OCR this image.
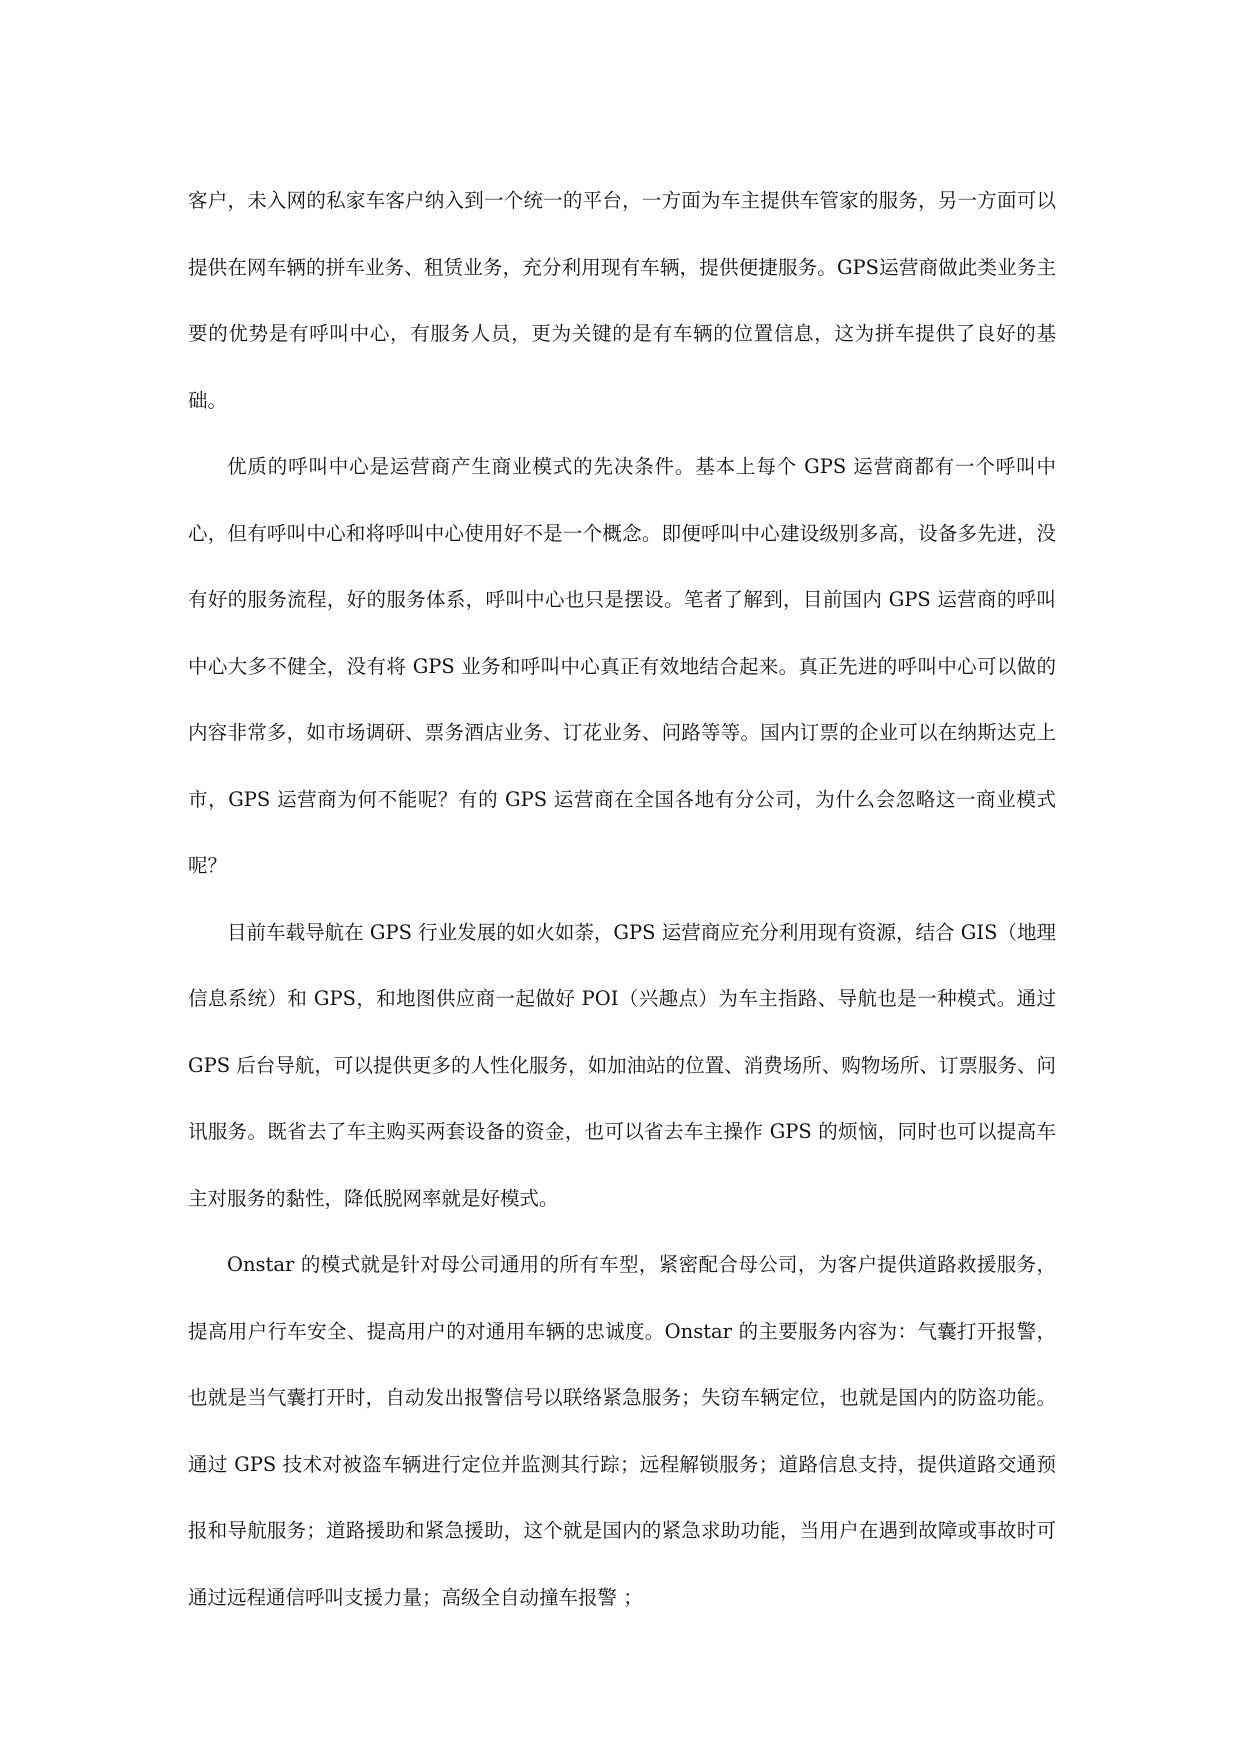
客户，未入网的私家车客户纳入到一个统一的平台，一方面为车主提供车管家的服务，另一方面可以提供在网车辆的拼车业务、租赁业务，充分利用现有车辆，提供便捷服务。GPS运营商做此类业务主要的优势是有呼叫中心，有服务人员，更为关键的是有车辆的位置信息，这为拼车提供了良好的基础。

优质的呼叫中心是运营商产生商业模式的先决条件。基本上每个 GPS 运营商都有一个呼叫中心，但有呼叫中心和将呼叫中心使用好不是一个概念。即便呼叫中心建设级别多高，设备多先进，没有好的服务流程，好的服务体系，呼叫中心也只是摆设。笔者了解到，目前国内 GPS 运营商的呼叫中心大多不健全，没有将 GPS 业务和呼叫中心真正有效地结合起来。真正先进的呼叫中心可以做的内容非常多，如市场调研、票务酒店业务、订花业务、问路等等。国内订票的企业可以在纳斯达克上市，GPS 运营商为何不能呢？有的 GPS 运营商在全国各地有分公司，为什么会忽略这一商业模式呢？

目前车载导航在 GPS 行业发展的如火如荼，GPS 运营商应充分利用现有资源，结合 GIS（地理信息系统）和 GPS，和地图供应商一起做好 POI（兴趣点）为车主指路、导航也是一种模式。通过 GPS 后台导航，可以提供更多的人性化服务，如加油站的位置、消费场所、购物场所、订票服务、问讯服务。既省去了车主购买两套设备的资金，也可以省去车主操作 GPS 的烦恼，同时也可以提高车主对服务的黏性，降低脱网率就是好模式。

Onstar 的模式就是针对母公司通用的所有车型，紧密配合母公司，为客户提供道路救援服务，提高用户行车安全、提高用户的对通用车辆的忠诚度。Onstar 的主要服务内容为：气囊打开报警，也就是当气囊打开时，自动发出报警信号以联络紧急服务；失窃车辆定位，也就是国内的防盗功能。通过 GPS 技术对被盗车辆进行定位并监测其行踪；远程解锁服务；道路信息支持，提供道路交通预报和导航服务；道路援助和紧急援助，这个就是国内的紧急求助功能，当用户在遇到故障或事故时可通过远程通信呼叫支援力量；高级全自动撞车报警 ；
